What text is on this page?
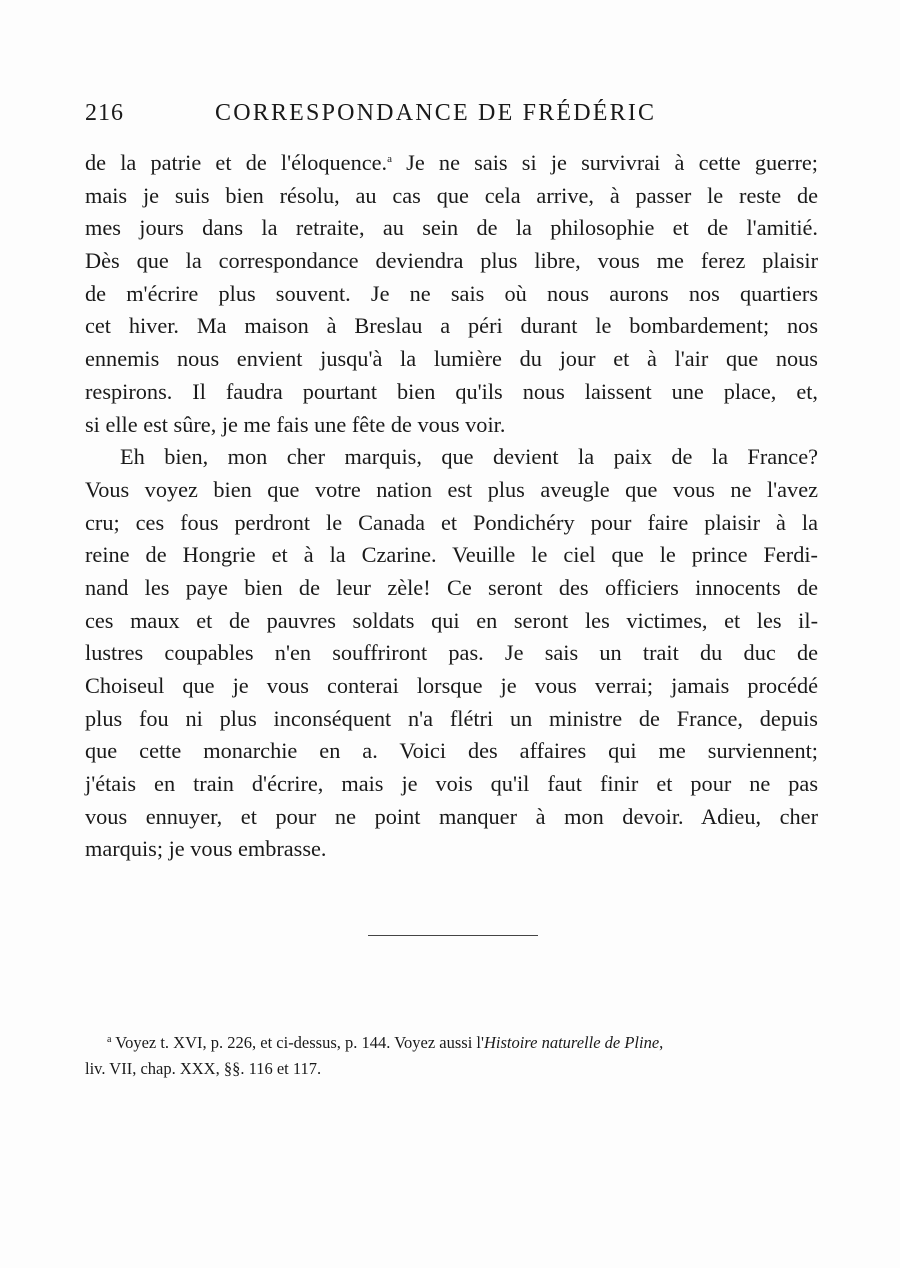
216	CORRESPONDANCE DE FRÉDÉRIC
de la patrie et de l'éloquence.$^a$ Je ne sais si je survivrai à cette guerre;
mais je suis bien résolu, au cas que cela arrive, à passer le reste de
mes jours dans la retraite, au sein de la philosophie et de l'amitié.
Dès que la correspondance deviendra plus libre, vous me ferez plaisir
de m'écrire plus souvent. Je ne sais où nous aurons nos quartiers
cet hiver. Ma maison à Breslau a péri durant le bombardement; nos
ennemis nous envient jusqu'à la lumière du jour et à l'air que nous
respirons. Il faudra pourtant bien qu'ils nous laissent une place, et,
si elle est sûre, je me fais une fête de vous voir.
Eh bien, mon cher marquis, que devient la paix de la France?
Vous voyez bien que votre nation est plus aveugle que vous ne l'avez
cru; ces fous perdront le Canada et Pondichéry pour faire plaisir à la
reine de Hongrie et à la Czarine. Veuille le ciel que le prince Ferdi-
nand les paye bien de leur zèle! Ce seront des officiers innocents de
ces maux et de pauvres soldats qui en seront les victimes, et les il-
lustres coupables n'en souffriront pas. Je sais un trait du duc de
Choiseul que je vous conterai lorsque je vous verrai; jamais procédé
plus fou ni plus inconséquent n'a flétri un ministre de France, depuis
que cette monarchie en a. Voici des affaires qui me surviennent;
j'étais en train d'écrire, mais je vois qu'il faut finir et pour ne pas
vous ennuyer, et pour ne point manquer à mon devoir. Adieu, cher
marquis; je vous embrasse.
$^a$ Voyez t. XVI, p. 226, et ci-dessus, p. 144. Voyez aussi l'Histoire naturelle de Pline,
liv. VII, chap. XXX, §§. 116 et 117.
